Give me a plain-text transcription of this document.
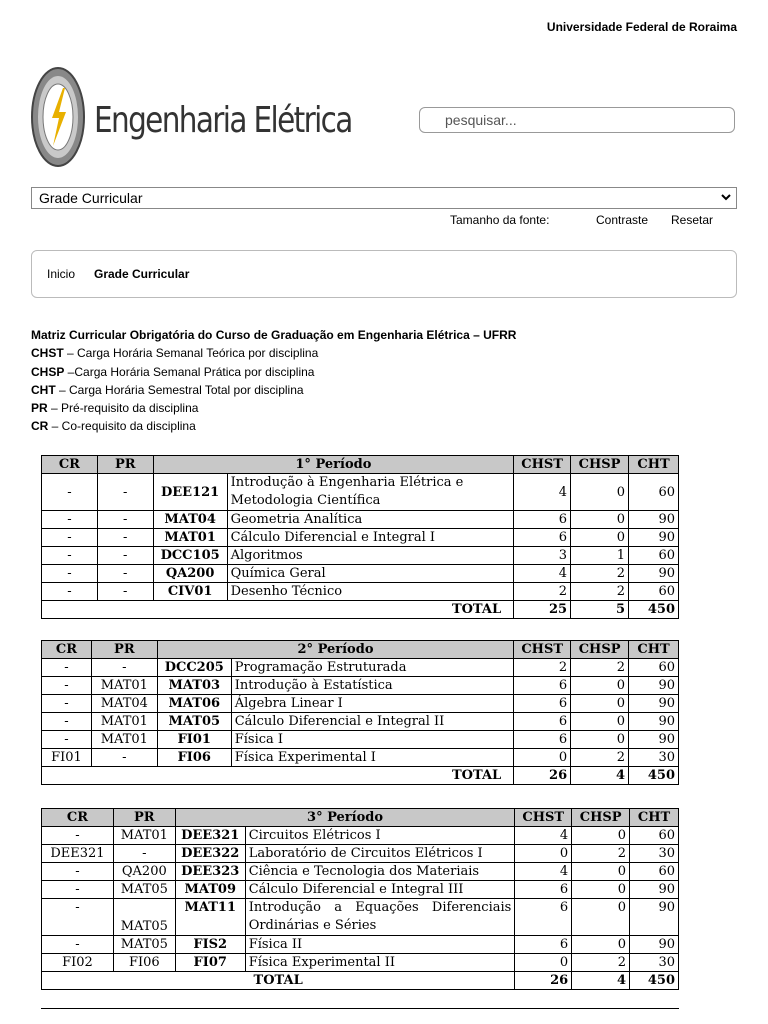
Universidade Federal de Roraima
Engenharia Elétrica	pesquisar...
Grade Curricular
Tamanho da fonte:	Contraste Resetar
Inicio Grade Curricular
Matriz Curricular Obrigatória do Curso de Graduação em Engenharia Elétrica – UFRR
CHST – Carga Horária Semanal Teórica por disciplina
CHSP –Carga Horária Semanal Prática por disciplina
CHT – Carga Horária Semestral Total por disciplina
PR – Pré-requisito da disciplina
CR – Co-requisito da disciplina
CR	PR	1° Período		CHST	CHSP	CHT
-	-	DEE121	Introdução à Engenharia Elétrica e Metodologia Científica	4	0	60
-	-	MAT04	Geometria Analítica	6	0	90
-	-	MAT01	Cálculo Diferencial e Integral I	6	0	90
-	-	DCC105	Algoritmos	3	1	60
-	-	QA200	Química Geral	4	2	90
-	-	CIV01	Desenho Técnico	2	2	60
TOTAL				25	5	450
CR	PR	2° Período		CHST	CHSP	CHT
-	-	DCC205	Programação Estruturada	2	2	60
-	MAT01	MAT03	Introdução à Estatística	6	0	90
-	MAT04	MAT06	Álgebra Linear I	6	0	90
-	MAT01	MAT05	Cálculo Diferencial e Integral II	6	0	90
-	MAT01	FI01	Física I	6	0	90
FI01	-	FI06	Física Experimental I	0	2	30
TOTAL				26	4	450
CR	PR	3° Período		CHST	CHSP	CHT
-	MAT01	DEE321	Circuitos Elétricos I	4	0	60
DEE321	-	DEE322	Laboratório de Circuitos Elétricos I	0	2	30
-	QA200	DEE323	Ciência e Tecnologia dos Materiais	4	0	60
-	MAT05	MAT09	Cálculo Diferencial e Integral III	6	0	90
-	MAT05	MAT11	Introdução a Equações Diferenciais Ordinárias e Séries	6	0	90
-	MAT05	FIS2	Física II	6	0	90
FI02	FI06	FI07	Física Experimental II	0	2	30
TOTAL				26	4	450
